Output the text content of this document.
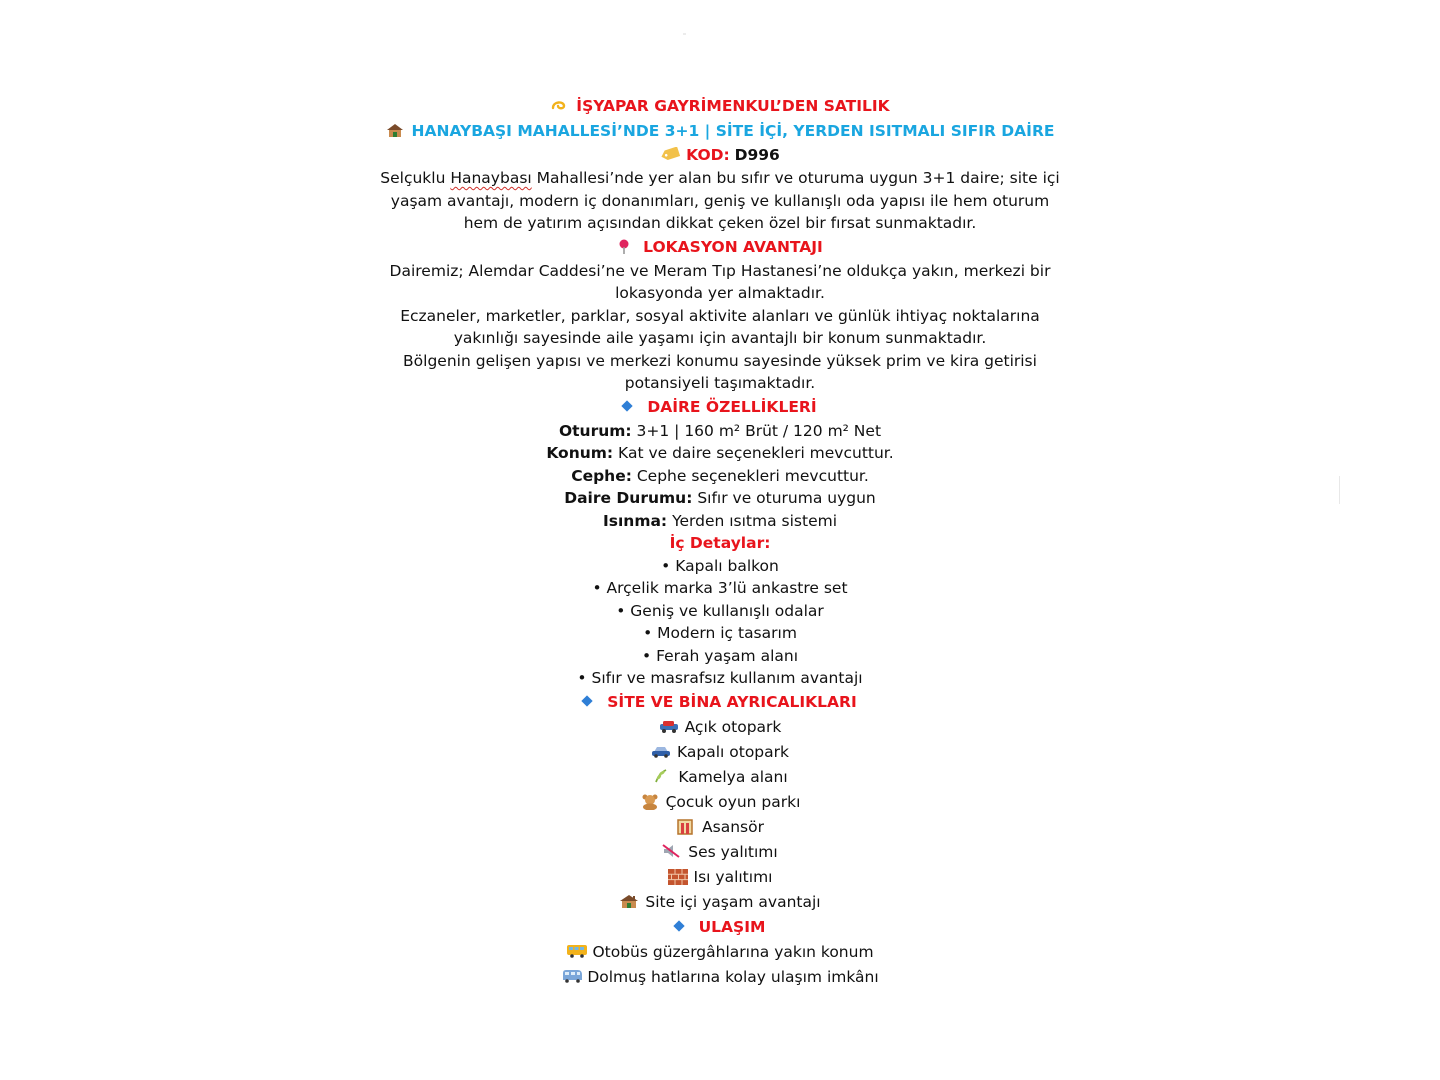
İŞYAPAR GAYRİMENKUL’DEN SATILIK
HANAYBAŞI MAHALLESİ’NDE 3+1 | SİTE İÇİ, YERDEN ISITMALI SIFIR DAİRE
KOD: D996
Selçuklu Hanaybası Mahallesi’nde yer alan bu sıfır ve oturuma uygun 3+1 daire; site içi
yaşam avantajı, modern iç donanımları, geniş ve kullanışlı oda yapısı ile hem oturum
hem de yatırım açısından dikkat çeken özel bir fırsat sunmaktadır.
LOKASYON AVANTAJI
Dairemiz; Alemdar Caddesi’ne ve Meram Tıp Hastanesi’ne oldukça yakın, merkezi bir
lokasyonda yer almaktadır.
Eczaneler, marketler, parklar, sosyal aktivite alanları ve günlük ihtiyaç noktalarına
yakınlığı sayesinde aile yaşamı için avantajlı bir konum sunmaktadır.
Bölgenin gelişen yapısı ve merkezi konumu sayesinde yüksek prim ve kira getirisi
potansiyeli taşımaktadır.
DAİRE ÖZELLİKLERİ
Oturum: 3+1 | 160 m² Brüt / 120 m² Net
Konum: Kat ve daire seçenekleri mevcuttur.
Cephe: Cephe seçenekleri mevcuttur.
Daire Durumu: Sıfır ve oturuma uygun
Isınma: Yerden ısıtma sistemi
İç Detaylar:
• Kapalı balkon
• Arçelik marka 3’lü ankastre set
• Geniş ve kullanışlı odalar
• Modern iç tasarım
• Ferah yaşam alanı
• Sıfır ve masrafsız kullanım avantajı
SİTE VE BİNA AYRICALIKLARI
Açık otopark
Kapalı otopark
Kamelya alanı
Çocuk oyun parkı
Asansör
Ses yalıtımı
Isı yalıtımı
Site içi yaşam avantajı
ULAŞIM
Otobüs güzergâhlarına yakın konum
Dolmuş hatlarına kolay ulaşım imkânı
